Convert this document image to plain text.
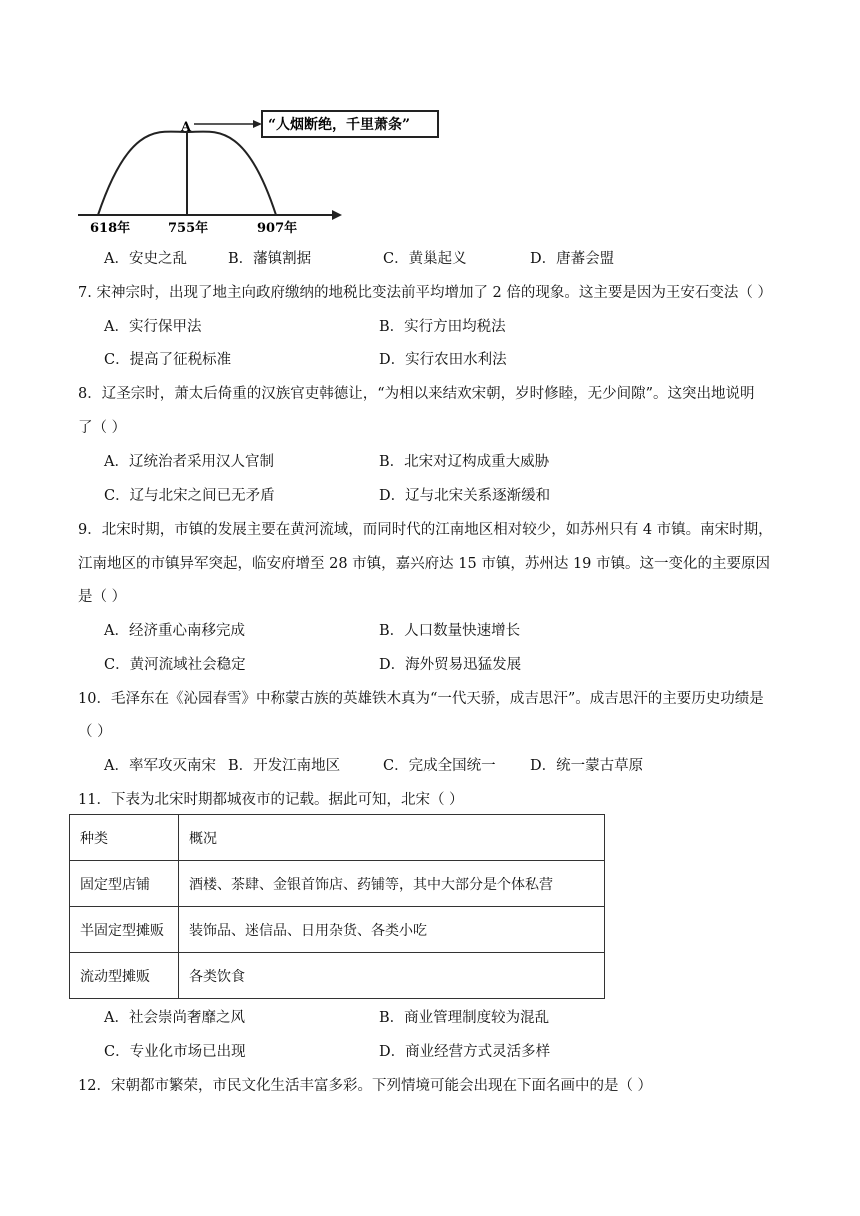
A	“人烟断绝，千里萧条”
618年	755年	907年
A．安史之乱	B．藩镇割据	C．黄巢起义	D．唐蕃会盟
7. 宋神宗时，出现了地主向政府缴纳的地税比变法前平均增加了 2 倍的现象。这主要是因为王安石变法（ ）
A．实行保甲法	B．实行方田均税法
C．提高了征税标准	D．实行农田水利法
8．辽圣宗时，萧太后倚重的汉族官吏韩德让，“为相以来结欢宋朝，岁时修睦，无少间隙”。这突出地说明
了（ ）
A．辽统治者采用汉人官制	B．北宋对辽构成重大威胁
C．辽与北宋之间已无矛盾	D．辽与北宋关系逐渐缓和
9．北宋时期，市镇的发展主要在黄河流域，而同时代的江南地区相对较少，如苏州只有 4 市镇。南宋时期，
江南地区的市镇异军突起，临安府增至 28 市镇，嘉兴府达 15 市镇，苏州达 19 市镇。这一变化的主要原因
是（ ）
A．经济重心南移完成	B．人口数量快速增长
C．黄河流域社会稳定	D．海外贸易迅猛发展
10．毛泽东在《沁园春雪》中称蒙古族的英雄铁木真为“一代天骄，成吉思汗”。成吉思汗的主要历史功绩是
（ ）
A．率军攻灭南宋 B．开发江南地区	C．完成全国统一 D．统一蒙古草原
11．下表为北宋时期都城夜市的记载。据此可知，北宋（ ）
种类	概况
固定型店铺	酒楼、茶肆、金银首饰店、药铺等，其中大部分是个体私营
半固定型摊贩	装饰品、迷信品、日用杂货、各类小吃
流动型摊贩	各类饮食
A．社会崇尚奢靡之风	B．商业管理制度较为混乱
C．专业化市场已出现	D．商业经营方式灵活多样
12．宋朝都市繁荣，市民文化生活丰富多彩。下列情境可能会出现在下面名画中的是（ ）
